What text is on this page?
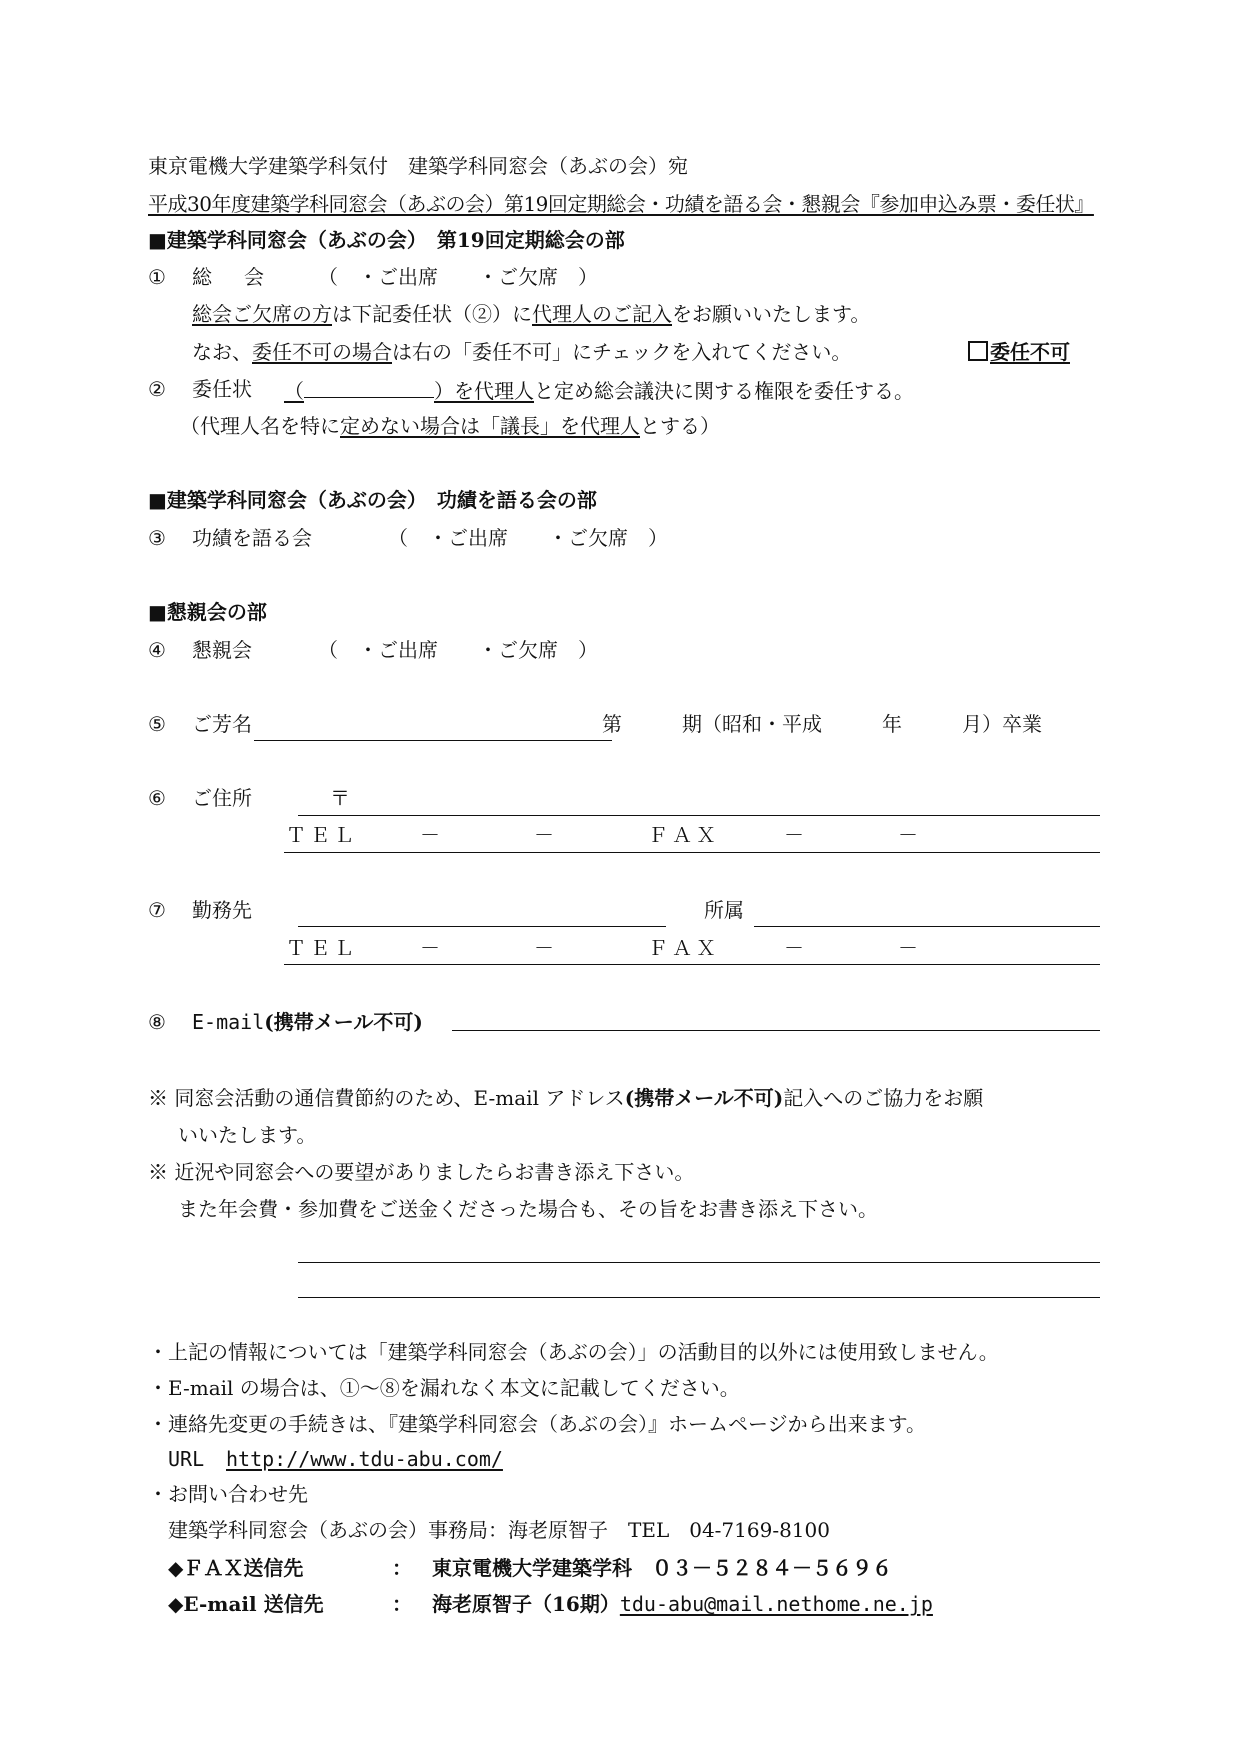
東京電機大学建築学科気付　建築学科同窓会（あぶの会）宛
平成30年度建築学科同窓会（あぶの会）第19回定期総会・功績を語る会・懇親会『参加申込み票・委任状』
■建築学科同窓会（あぶの会）　第19回定期総会の部
① 総　会 （　・ご出席　　・ご欠席　）
総会ご欠席の方は下記委任状（②）に代理人のご記入をお願いいたします。
なお、委任不可の場合は右の「委任不可」にチェックを入れてください。	委任不可
② 委任状 （	）を代理人と定め総会議決に関する権限を委任する。
（代理人名を特に定めない場合は「議長」を代理人とする）
■建築学科同窓会（あぶの会）　功績を語る会の部
③ 功績を語る会	（　・ご出席　　・ご欠席　）
■懇親会の部
④ 懇親会	（　・ご出席　　・ご欠席　）
⑤ ご芳名	第　　　期（昭和・平成　　　年　　　月）卒業
⑥ ご住所	〒
ＴＥＬ	－	－	ＦＡＸ	－	－
⑦ 勤務先	所属
ＴＥＬ	－	－	ＦＡＸ	－	－
⑧ E-mail(携帯メール不可)
※ 同窓会活動の通信費節約のため、E-mail アドレス(携帯メール不可)記入へのご協力をお願
いいたします。
※ 近況や同窓会への要望がありましたらお書き添え下さい。
また年会費・参加費をご送金くださった場合も、その旨をお書き添え下さい。
・上記の情報については「建築学科同窓会（あぶの会）」の活動目的以外には使用致しません。
・E-mail の場合は、①～⑧を漏れなく本文に記載してください。
・連絡先変更の手続きは、『建築学科同窓会（あぶの会）』ホームページから出来ます。
URL http://www.tdu-abu.com/
・お問い合わせ先
建築学科同窓会（あぶの会）事務局：海老原智子　TEL　04-7169-8100
◆ＦＡＸ送信先	： 東京電機大学建築学科　０３－５２８４－５６９６
◆E-mail 送信先	： 海老原智子（16期）tdu-abu@mail.nethome.ne.jp
